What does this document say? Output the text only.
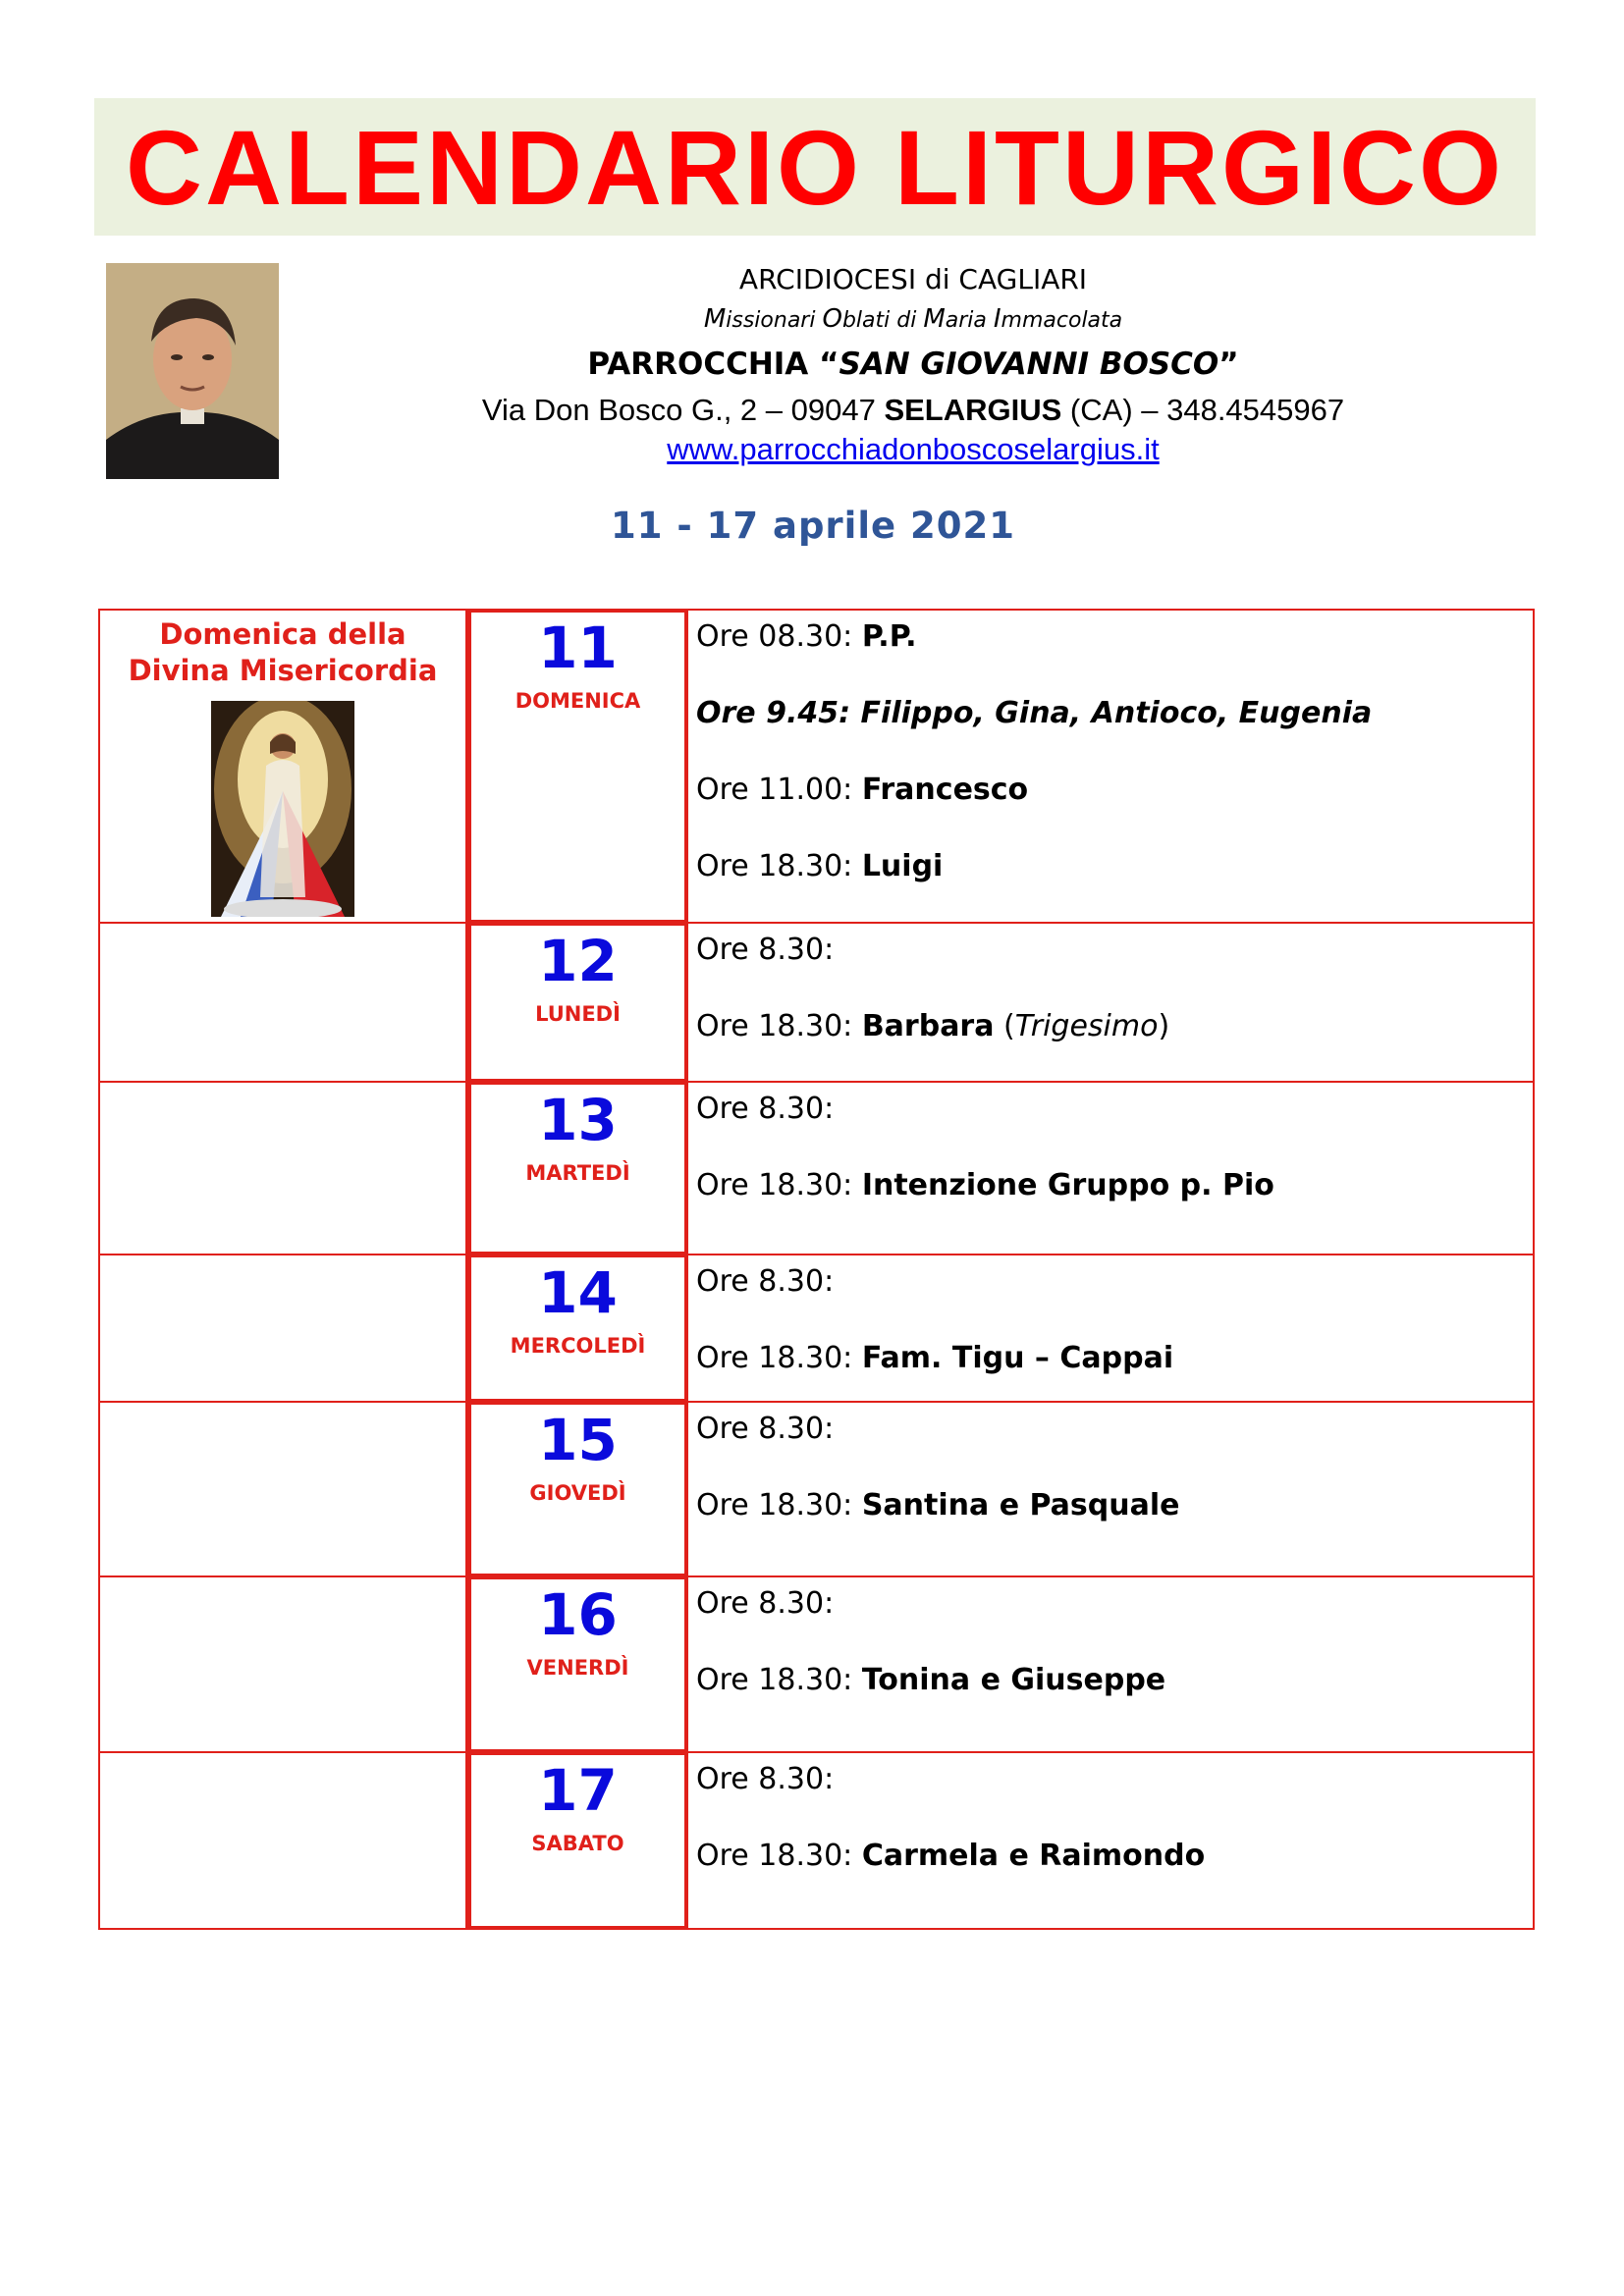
CALENDARIO LITURGICO
ARCIDIOCESI di CAGLIARI
Missionari Oblati di Maria Immacolata
PARROCCHIA “SAN GIOVANNI BOSCO”
Via Don Bosco G., 2 – 09047 SELARGIUS (CA) – 348.4545967
www.parrocchiadonboscoselargius.it
11 - 17 aprile 2021
Domenica della
Divina Misericordia	11
DOMENICA
Ore 08.30: P.P.
Ore 9.45: Filippo, Gina, Antioco, Eugenia
Ore 11.00: Francesco
Ore 18.30: Luigi
12
LUNEDÌ
Ore 8.30:
Ore 18.30: Barbara (Trigesimo)
13
MARTEDÌ
Ore 8.30:
Ore 18.30: Intenzione Gruppo p. Pio
14
MERCOLEDÌ
Ore 8.30:
Ore 18.30: Fam. Tigu – Cappai
15
GIOVEDÌ
Ore 8.30:
Ore 18.30: Santina e Pasquale
16
VENERDÌ
Ore 8.30:
Ore 18.30: Tonina e Giuseppe
17
SABATO
Ore 8.30:
Ore 18.30: Carmela e Raimondo
